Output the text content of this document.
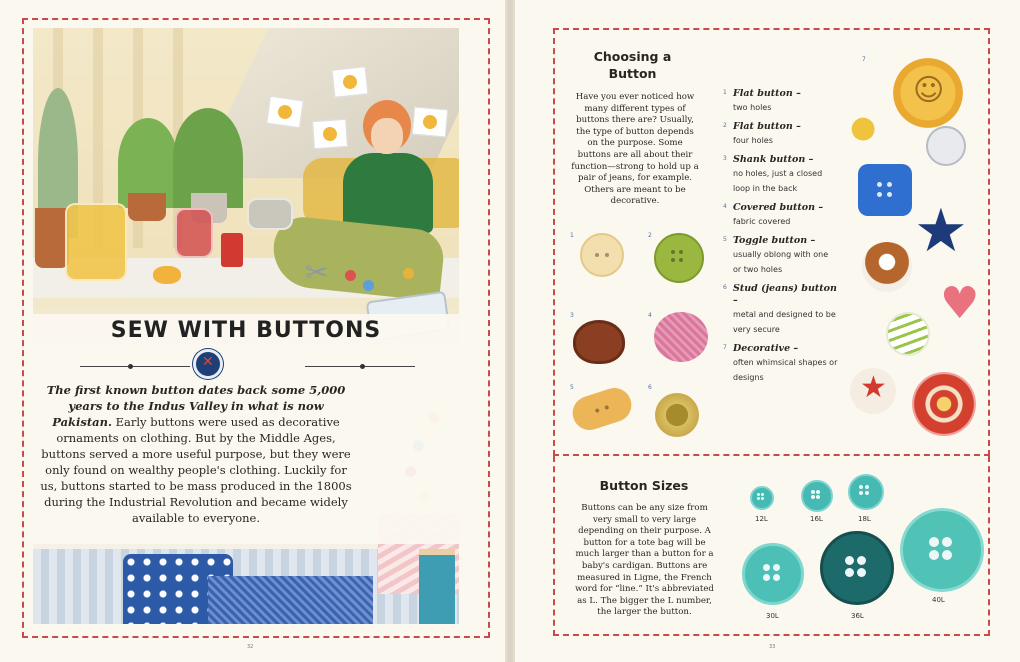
✂
SEW WITH BUTTONS
✕

The first known button dates back some 5,000 years to the Indus Valley in what is now Pakistan. Early buttons were used as decorative ornaments on clothing. But by the Middle Ages, buttons served a more useful purpose, but they were only found on wealthy people's clothing. Luckily for us, buttons started to be mass produced in the 1800s during the Industrial Revolution and became widely available to everyone.

32
Choosing a Button

Have you ever noticed how many different types of buttons there are? Usually, the type of button depends on the purpose. Some buttons are all about their function—strong to hold up a pair of jeans, for example. Others are meant to be decorative.

1 Flat button –
two holes
2 Flat button –
four holes
3 Shank button –
no holes, just a closed loop in the back
4 Covered button –
fabric covered
5 Toggle button –
usually oblong with one or two holes
6 Stud (jeans) button –
metal and designed to be very secure
7 Decorative –
often whimsical shapes or designs
1	2
3	4
5	6
7
☺
●
★
♥
★
Button Sizes

Buttons can be any size from very small to very large depending on their purpose. A button for a tote bag will be much larger than a button for a baby's cardigan. Buttons are measured in Ligne, the French word for “line.” It's abbreviated as L. The bigger the L number, the larger the button.

12L	16L	18L
30L	36L
40L
33
